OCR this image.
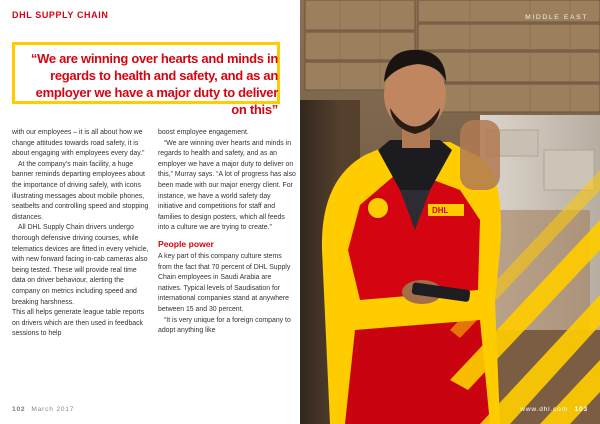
DHL SUPPLY CHAIN
“We are winning over hearts and minds in regards to health and safety, and as an employer we have a major duty to deliver on this”

with our employees – it is all about how we change attitudes towards road safety, it is about engaging with employees every day.”

At the company’s main facility, a huge banner reminds departing employees about the importance of driving safely, with icons illustrating messages about mobile phones, seatbelts and controlling speed and stopping distances.

All DHL Supply Chain drivers undergo thorough defensive driving courses, while telematics devices are fitted in every vehicle, with new forward facing in-cab cameras also being tested. These will provide real time data on driver behaviour, alerting the company on metrics including speed and breaking harshness.

This all helps generate league table reports on drivers which are then used in feedback sessions to help

boost employee engagement.

“We are winning over hearts and minds in regards to health and safety, and as an employer we have a major duty to deliver on this,” Murray says. “A lot of progress has also been made with our major energy client. For instance, we have a world safety day initiative and competitions for staff and families to design posters, which all feeds into a culture we are trying to create.”

People power

A key part of this company culture stems from the fact that 70 percent of DHL Supply Chain employees in Saudi Arabia are natives. Typical levels of Saudisation for international companies stand at anywhere between 15 and 30 percent.

“It is very unique for a foreign company to adopt anything like

102 March 2017
DHL
MIDDLE EAST
www.dhl.com 103
